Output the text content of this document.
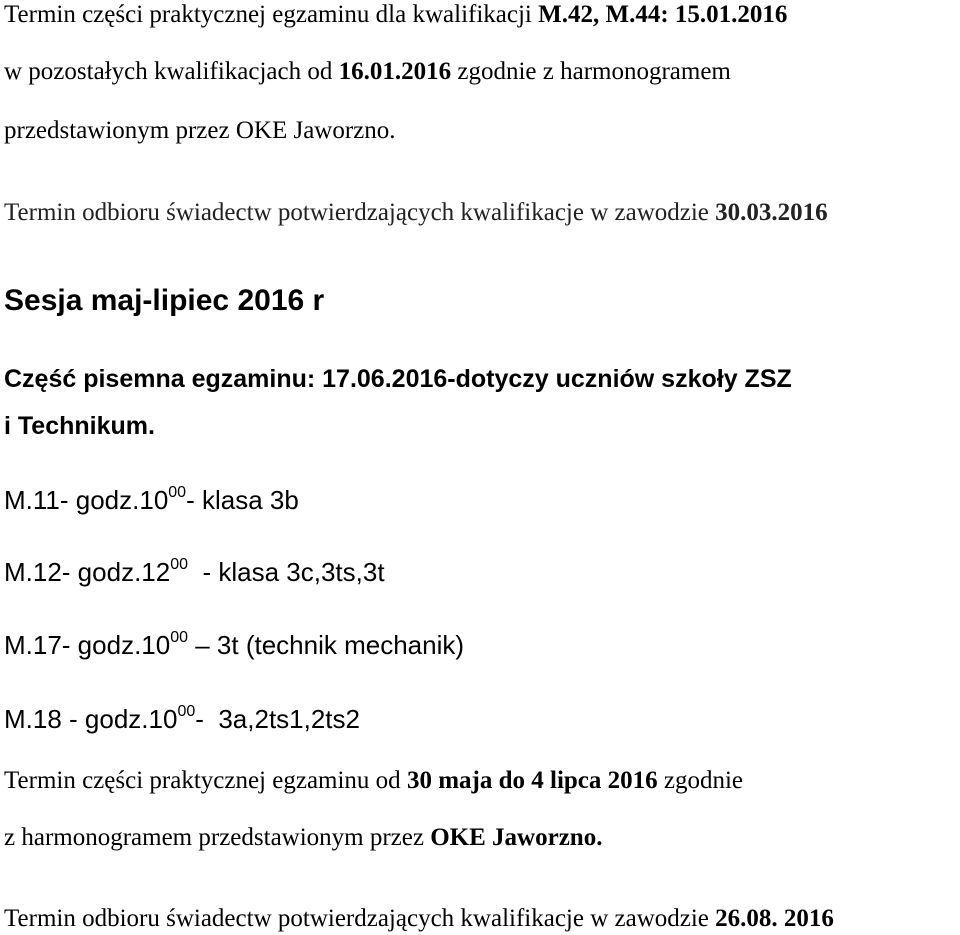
Termin części praktycznej egzaminu dla kwalifikacji M.42, M.44: 15.01.2016

w pozostałych kwalifikacjach od 16.01.2016 zgodnie z harmonogramem

przedstawionym przez OKE Jaworzno.

Termin odbioru świadectw potwierdzających kwalifikacje w zawodzie 30.03.2016

Sesja maj-lipiec 2016 r

Część pisemna egzaminu: 17.06.2016-dotyczy uczniów szkoły ZSZ

i Technikum.

M.11- $godz.10^{00}-$ klasa 3b

M.12- $godz.12^{00}$  - klasa 3c,3ts,3t

M.17- $godz.10^{00} - 3t$ (technik mechanik)

$M.18 - godz.10^{00}-$  3a,2ts1,2ts2

Termin części praktycznej egzaminu od 30 maja do 4 lipca 2016 zgodnie

z harmonogramem przedstawionym przez OKE Jaworzno.

Termin odbioru świadectw potwierdzających kwalifikacje w zawodzie 26.08. 2016
